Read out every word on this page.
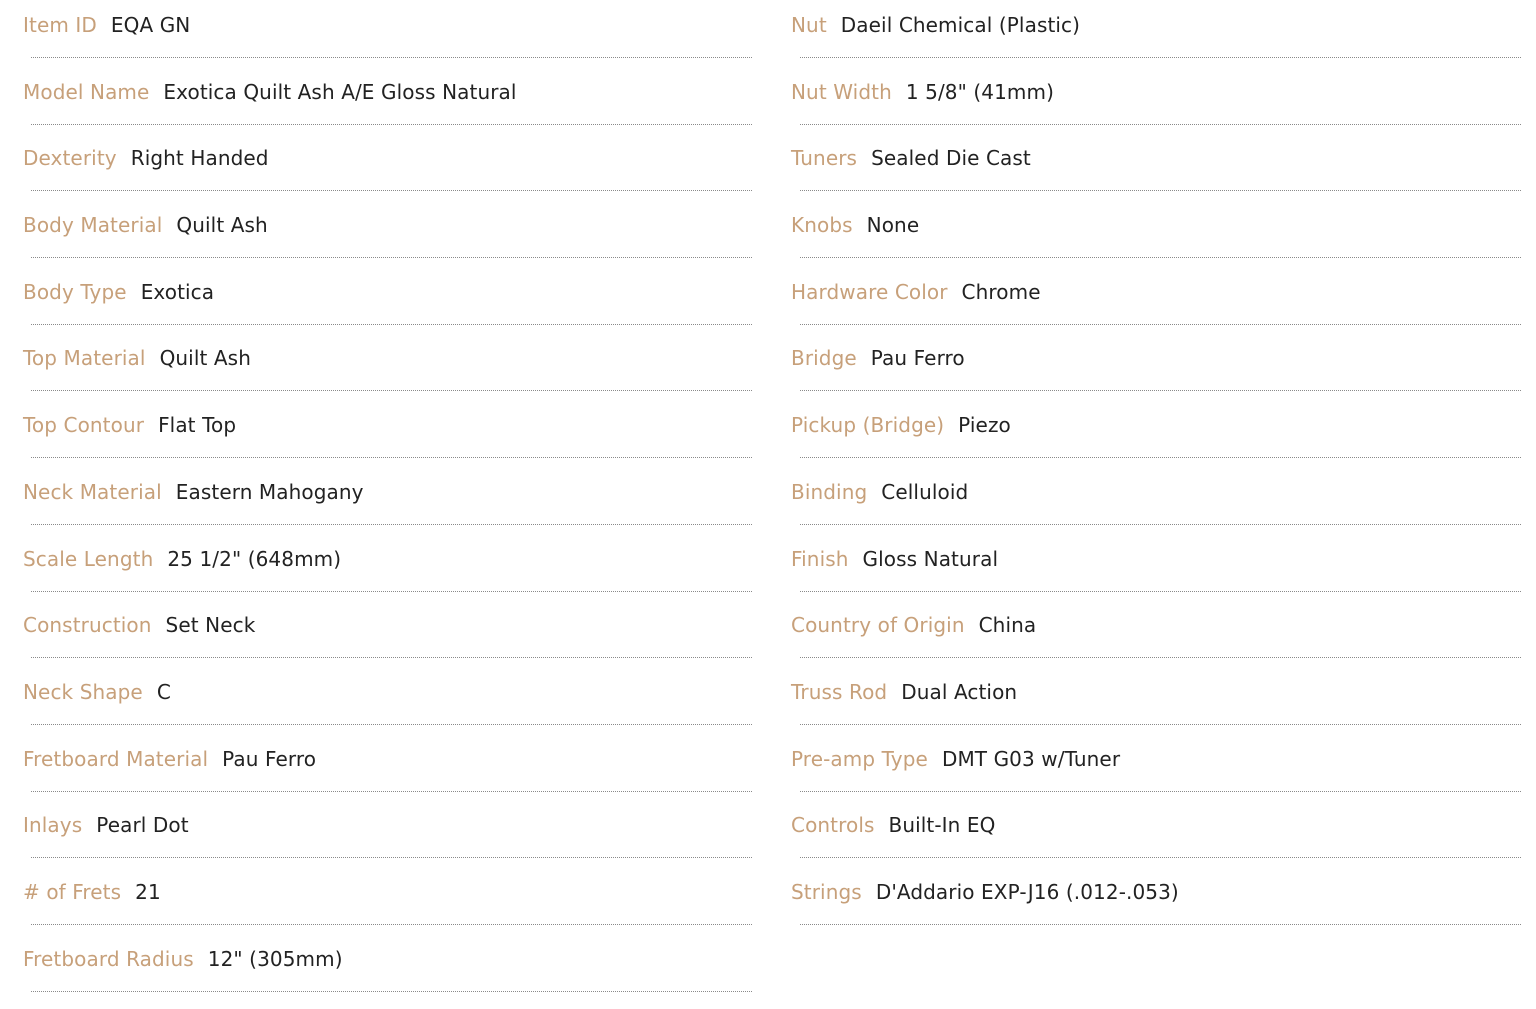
Item ID EQA GN
Model Name Exotica Quilt Ash A/E Gloss Natural
Dexterity Right Handed
Body Material Quilt Ash
Body Type Exotica
Top Material Quilt Ash
Top Contour Flat Top
Neck Material Eastern Mahogany
Scale Length 25 1/2" (648mm)
Construction Set Neck
Neck Shape C
Fretboard Material Pau Ferro
Inlays Pearl Dot
# of Frets 21
Fretboard Radius 12" (305mm)
Nut Daeil Chemical (Plastic)
Nut Width 1 5/8" (41mm)
Tuners Sealed Die Cast
Knobs None
Hardware Color Chrome
Bridge Pau Ferro
Pickup (Bridge) Piezo
Binding Celluloid
Finish Gloss Natural
Country of Origin China
Truss Rod Dual Action
Pre-amp Type DMT G03 w/Tuner
Controls Built-In EQ
Strings D'Addario EXP-J16 (.012-.053)
